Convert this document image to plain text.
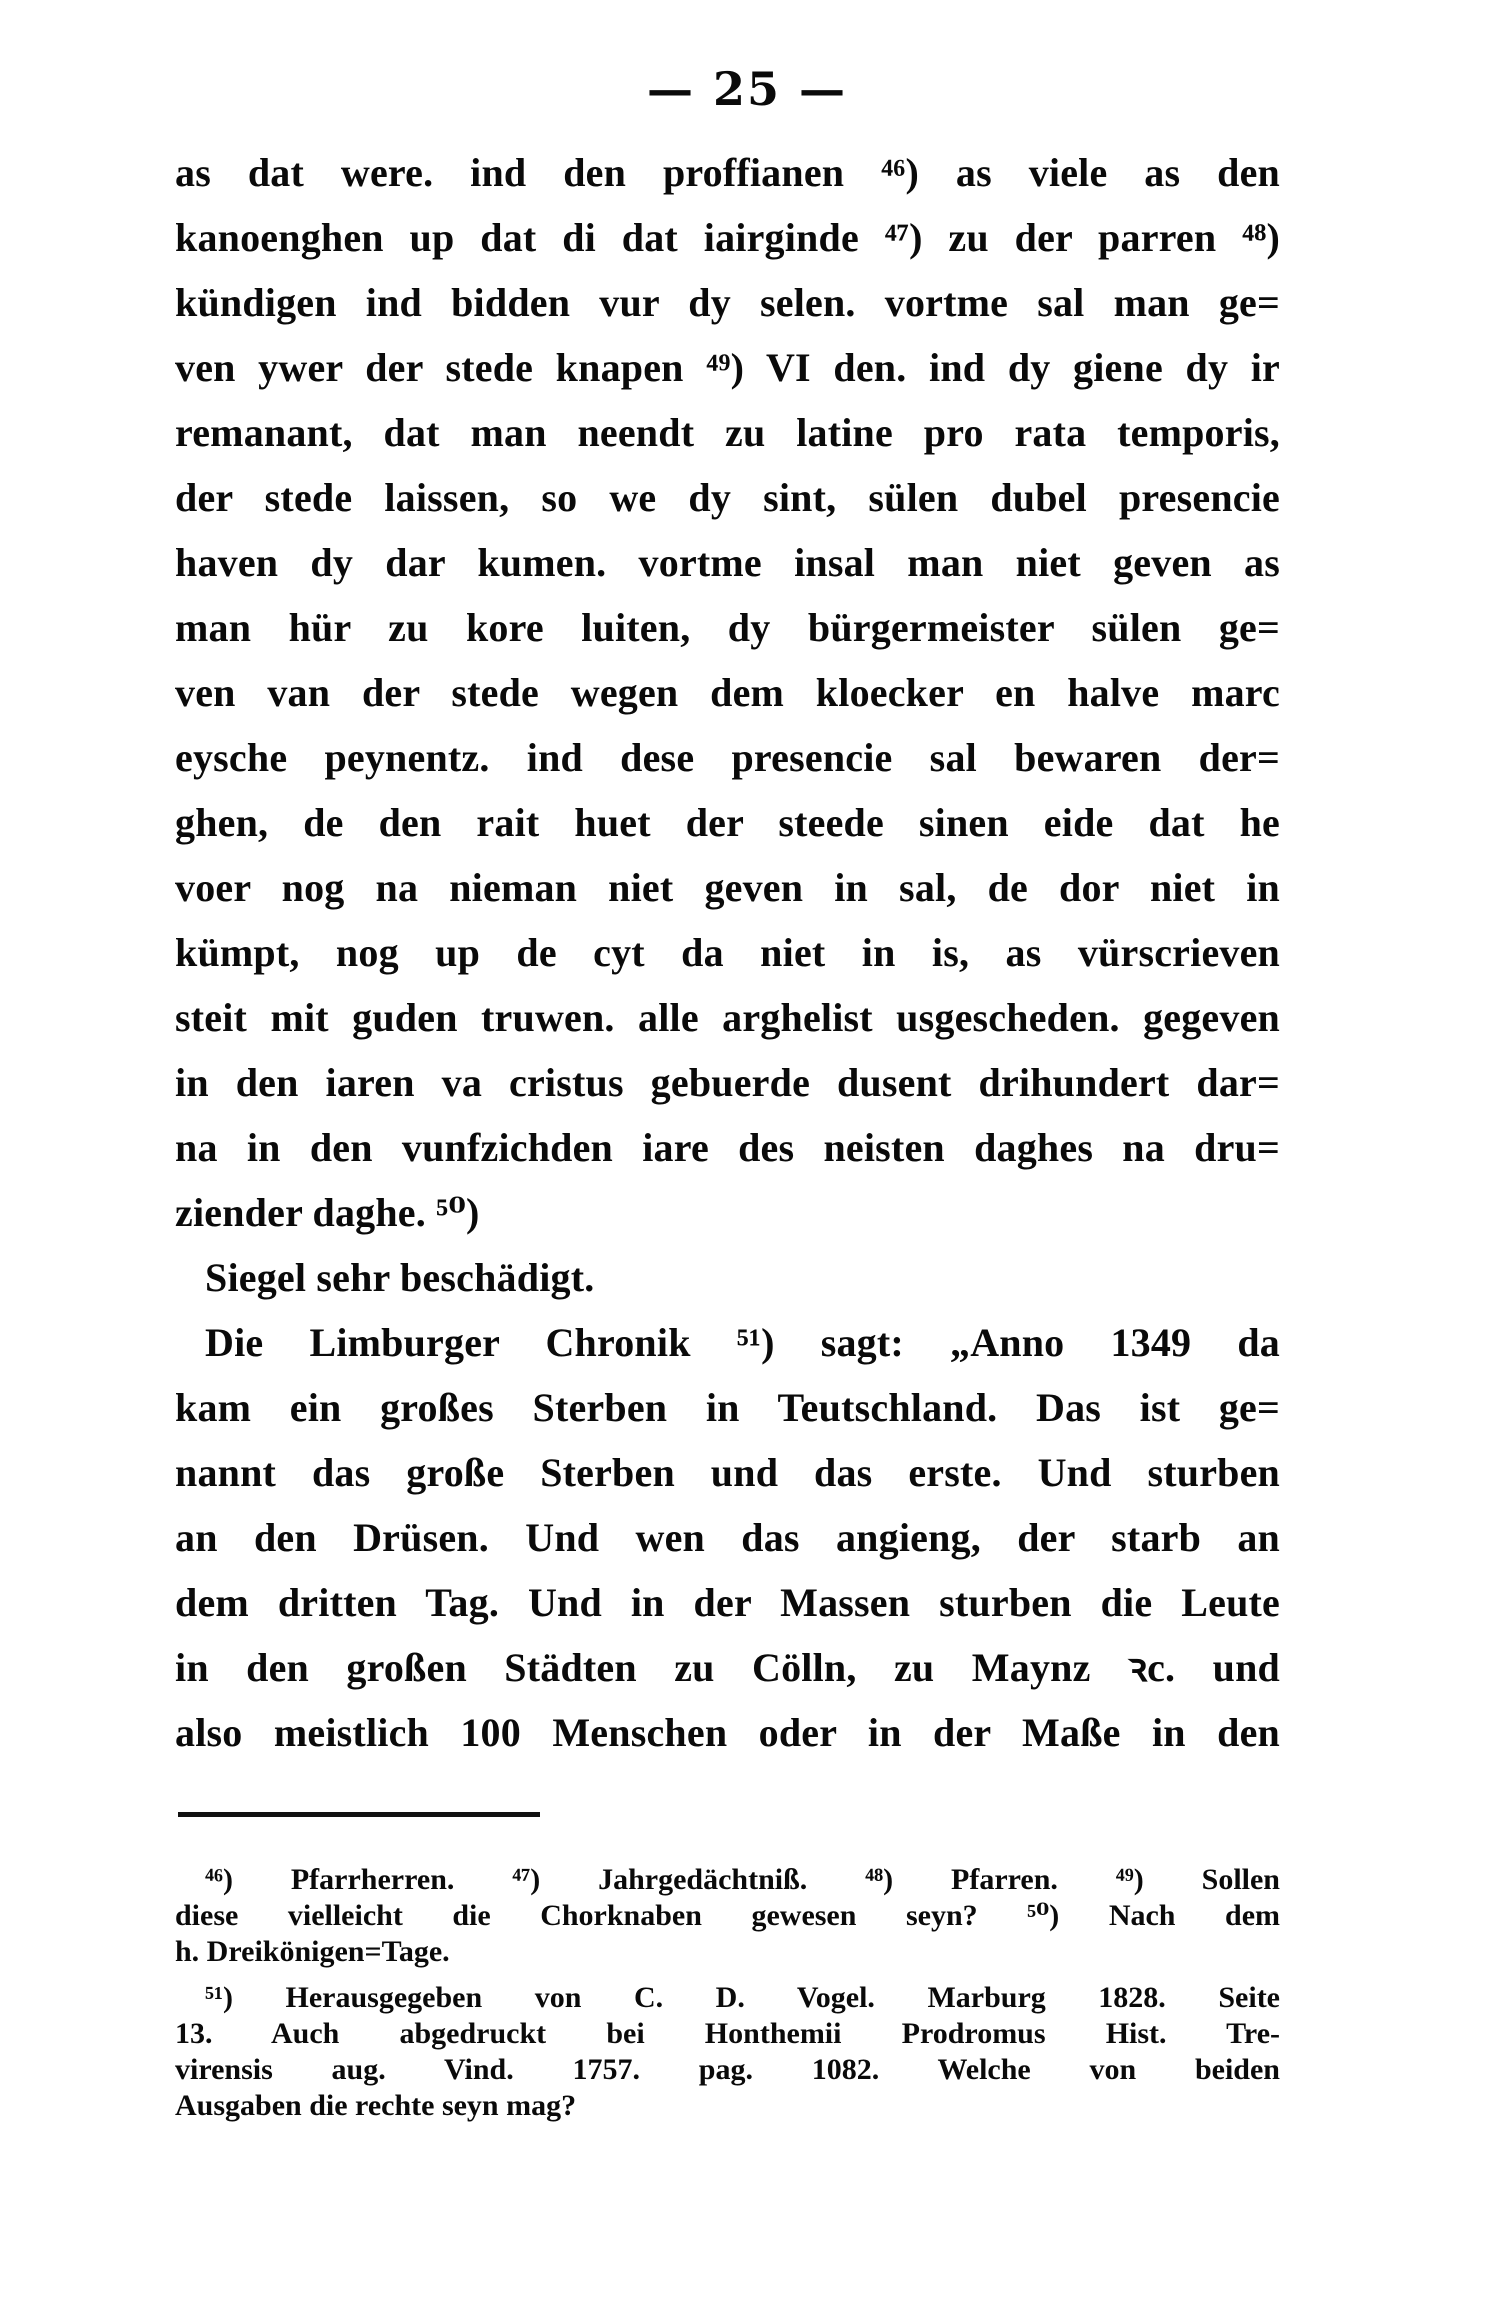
— 25 —
as dat were. ind den proffianen ⁴⁶) as viele as den
kanoenghen up dat di dat iairginde ⁴⁷) zu der parren ⁴⁸)
kündigen ind bidden vur dy selen. vortme sal man ge=
ven ywer der stede knapen ⁴⁹) VI den. ind dy giene dy ir
remanant, dat man neendt zu latine pro rata temporis,
der stede laissen, so we dy sint, sülen dubel presencie
haven dy dar kumen. vortme insal man niet geven as
man hür zu kore luiten, dy bürgermeister sülen ge=
ven van der stede wegen dem kloecker en halve marc
eysche peynentz. ind dese presencie sal bewaren der=
ghen, de den rait huet der steede sinen eide dat he
voer nog na nieman niet geven in sal, de dor niet in
kümpt, nog up de cyt da niet in is, as vürscrieven
steit mit guden truwen. alle arghelist usgescheden. gegeven
in den iaren va cristus gebuerde dusent drihundert dar=
na in den vunfzichden iare des neisten daghes na dru=
ziender daghe. ⁵⁰)
Siegel sehr beschädigt.
Die Limburger Chronik ⁵¹) sagt: „Anno 1349 da
kam ein großes Sterben in Teutschland. Das ist ge=
nannt das große Sterben und das erste. Und sturben
an den Drüsen. Und wen das angieng, der starb an
dem dritten Tag. Und in der Massen sturben die Leute
in den großen Städten zu Cölln, zu Maynz ꝛc. und
also meistlich 100 Menschen oder in der Maße in den
⁴⁶) Pfarrherren. ⁴⁷) Jahrgedächtniß. ⁴⁸) Pfarren. ⁴⁹) Sollen
diese vielleicht die Chorknaben gewesen seyn? ⁵⁰) Nach dem
h. Dreikönigen=Tage.
⁵¹) Herausgegeben von C. D. Vogel. Marburg 1828. Seite
13. Auch abgedruckt bei Honthemii Prodromus Hist. Tre-
virensis aug. Vind. 1757. pag. 1082. Welche von beiden
Ausgaben die rechte seyn mag?
